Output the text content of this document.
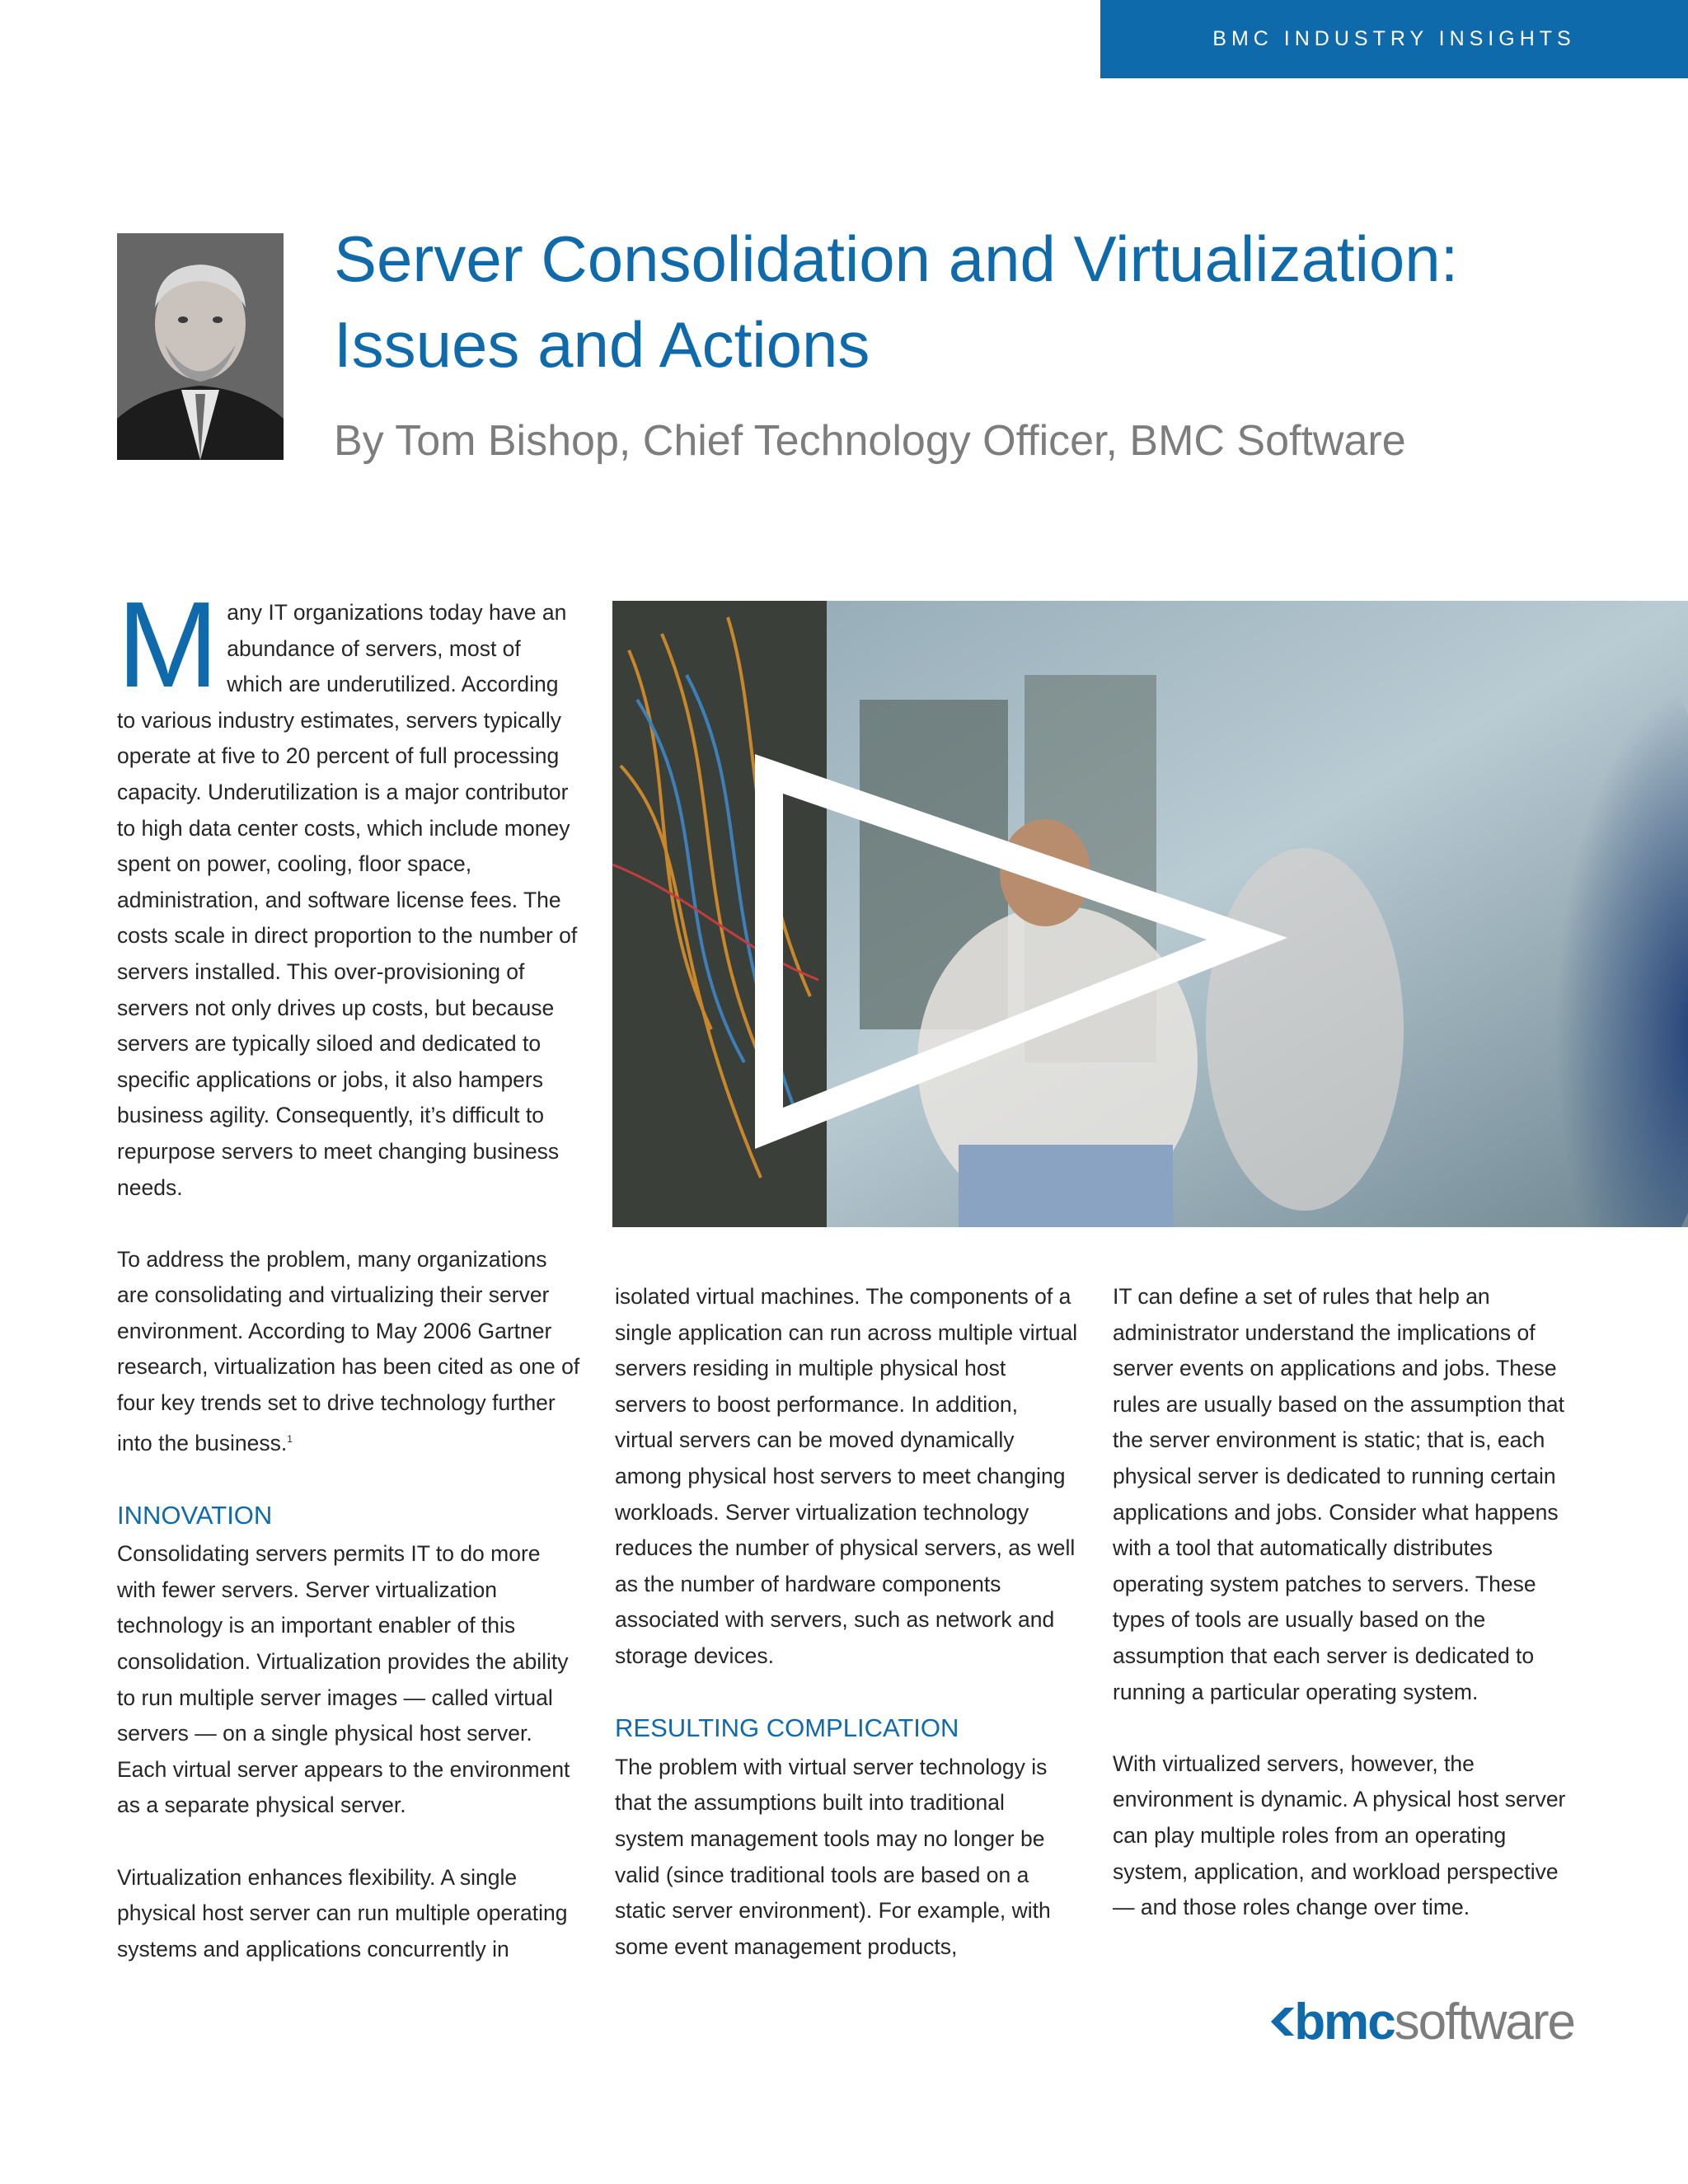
BMC INDUSTRY INSIGHTS
Server Consolidation and Virtualization:
Issues and Actions

By Tom Bishop, Chief Technology Officer, BMC Software

Many IT organizations today have an abundance of servers, most of which are underutilized. According to various industry estimates, servers typically operate at five to 20 percent of full processing capacity. Underutilization is a major contributor to high data center costs, which include money spent on power, cooling, floor space, administration, and software license fees. The costs scale in direct proportion to the number of servers installed. This over-provisioning of servers not only drives up costs, but because servers are typically siloed and dedicated to specific applications or jobs, it also hampers business agility. Consequently, it’s difficult to repurpose servers to meet changing business needs.

To address the problem, many organizations are consolidating and virtualizing their server environment. According to May 2006 Gartner research, virtualization has been cited as one of four key trends set to drive technology further into the business.$^1$

INNOVATION

Consolidating servers permits IT to do more with fewer servers. Server virtualization technology is an important enabler of this consolidation. Virtualization provides the ability to run multiple server images — called virtual servers — on a single physical host server. Each virtual server appears to the environment as a separate physical server.

Virtualization enhances flexibility. A single physical host server can run multiple operating systems and applications concurrently in

isolated virtual machines. The components of a single application can run across multiple virtual servers residing in multiple physical host servers to boost performance. In addition, virtual servers can be moved dynamically among physical host servers to meet changing workloads. Server virtualization technology reduces the number of physical servers, as well as the number of hardware components associated with servers, such as network and storage devices.

RESULTING COMPLICATION

The problem with virtual server technology is that the assumptions built into traditional system management tools may no longer be valid (since traditional tools are based on a static server environment). For example, with some event management products,

IT can define a set of rules that help an administrator understand the implications of server events on applications and jobs. These rules are usually based on the assumption that the server environment is static; that is, each physical server is dedicated to running certain applications and jobs. Consider what happens with a tool that automatically distributes operating system patches to servers. These types of tools are usually based on the assumption that each server is dedicated to running a particular operating system.

With virtualized servers, however, the environment is dynamic. A physical host server can play multiple roles from an operating system, application, and workload perspective — and those roles change over time.

bmc software
